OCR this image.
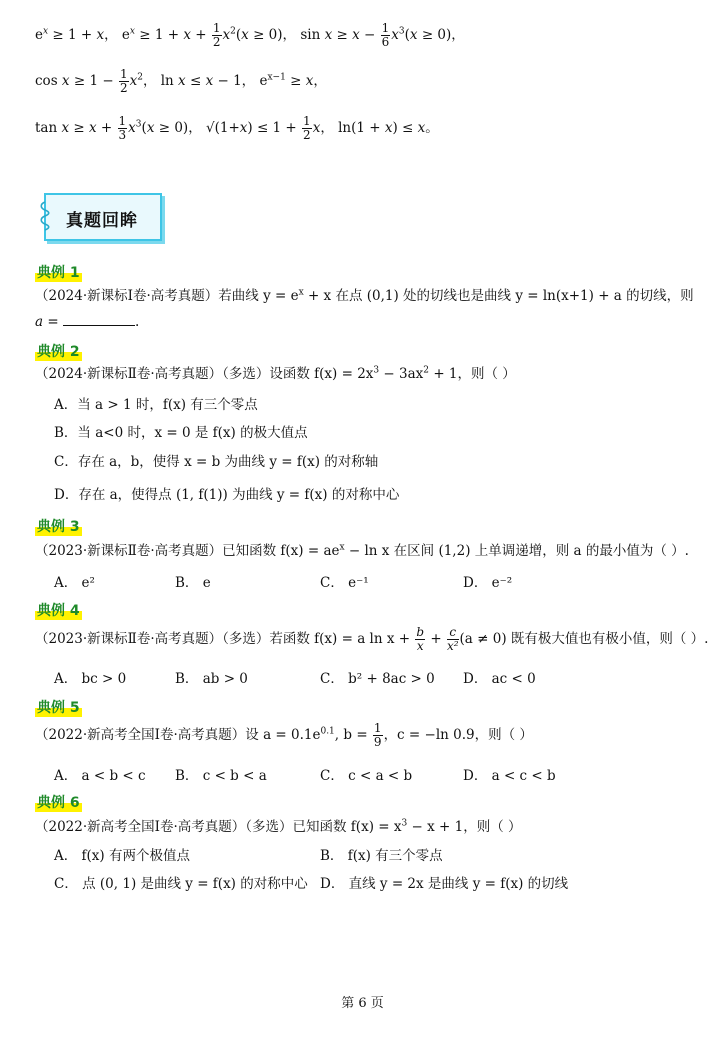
$e^x \ge 1 + x$， $e^x \ge 1 + x + \frac{1}{2} x^2(x \ge 0)$， $\sin x \ge x - \frac{1}{6} x^3(x \ge 0)$，
$\cos x \ge 1 - \frac{1}{2} x^2$， ln x ≤ x − 1， $e^{x-1} \ge x$，
$\tan x \ge x + \frac{1}{3} x^3(x \ge 0)$， $√(1+x) \le 1 + \frac{1}{2}$ x， ln(1 + x) ≤ x。
真题回眸
典例 1
（2024·新课标Ⅰ卷·高考真题）若曲线 $y = e^x + x$ 在点 (0,1) 处的切线也是曲线 y = ln(x+1) + a 的切线，则
a =	.
典例 2
（2024·新课标Ⅱ卷·高考真题）（多选）设函数 $f(x) = 2x^3 - 3ax^2 + 1$，则（ ）
A．当 a > 1 时，f(x) 有三个零点
B．当 a<0 时，x = 0 是 f(x) 的极大值点
C．存在 a，b，使得 x = b 为曲线 y = f(x) 的对称轴
D．存在 a，使得点 (1, f(1)) 为曲线 y = f(x) 的对称中心
典例 3
（2023·新课标Ⅱ卷·高考真题）已知函数 $f(x) = ae^x - \ln x$ 在区间 (1,2) 上单调递增，则 a 的最小值为（ ）.
A． e²	B． e	C． e⁻¹	D． e⁻²
典例 4
（2023·新课标Ⅱ卷·高考真题）（多选）若函数 f(x) = a $\ln x + \frac{b}{x} + \frac{c}{\text{x²}}(a \ne 0)$ 既有极大值也有极小值，则（ ）.
A． bc > 0	B． ab > 0	C． b² + 8ac > 0 D． ac < 0
典例 5
（2022·新高考全国Ⅰ卷·高考真题）设 $a = 0.1e^{0.1}$, $b = \frac{1}{9}$ ，c = −ln 0.9，则（ ）
A． a < b < c B． c < b < a	C． c < a < b	D． a < c < b
典例 6
（2022·新高考全国Ⅰ卷·高考真题）（多选）已知函数 $f(x) = x^3 - x + 1$，则（ ）
A． f(x) 有两个极值点	B． f(x) 有三个零点
C． 点 (0, 1) 是曲线 y = f(x) 的对称中心 D． 直线 y = 2x 是曲线 y = f(x) 的切线
第 6 页
